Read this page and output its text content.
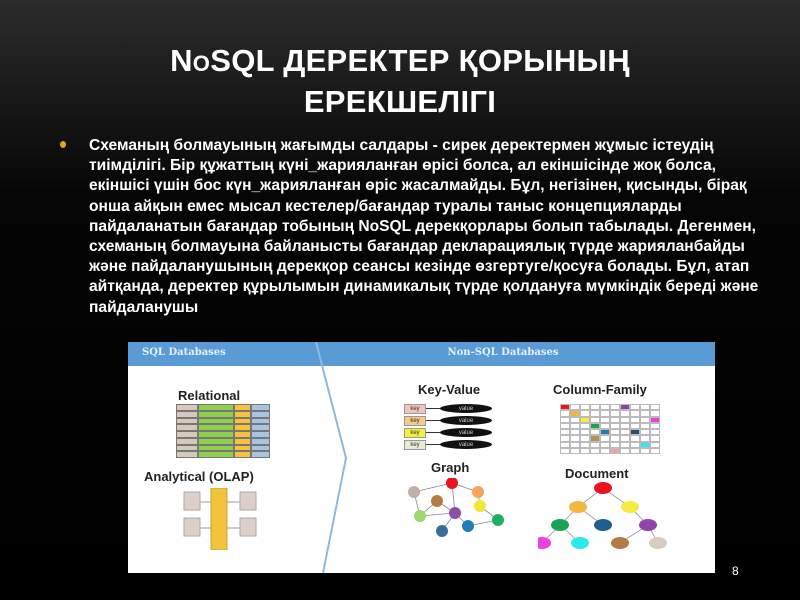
NOSQL ДЕРЕКТЕР ҚОРЫНЫҢ
ЕРЕКШЕЛІГІ
Схеманың болмауының жағымды салдары - сирек деректермен жұмыс істеудің тиімділігі. Бір құжаттың күні_жарияланған өрісі болса, ал екіншісінде жоқ болса, екіншісі үшін бос күн_жарияланған өріс жасалмайды. Бұл, негізінен, қисынды, бірақ онша айқын емес мысал кестелер/бағандар туралы таныс концепцияларды пайдаланатын бағандар тобының NoSQL дерекқорлары болып табылады. Дегенмен, схеманың болмауына байланысты бағандар декларациялық түрде жарияланбайды және пайдаланушының дерекқор сеансы кезінде өзгертуге/қосуға болады. Бұл, атап айтқанда, деректер құрылымын динамикалық түрде қолдануға мүмкіндік береді және пайдаланушы
SQL Databases	Non-SQL Databases
Relational
Analytical (OLAP)
Key-Value
key	value
key	value
key	value
key	value
Column-Family
Graph	Document
8
